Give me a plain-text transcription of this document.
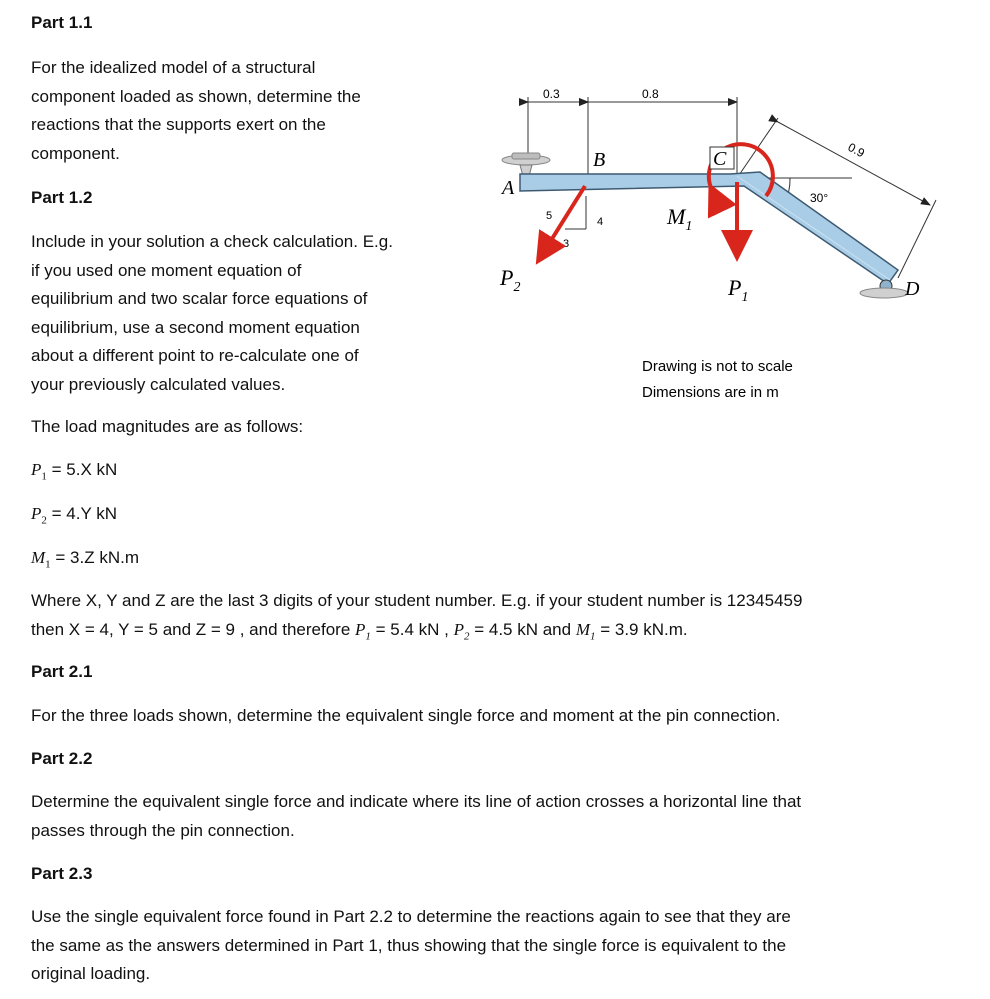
Part 1.1
For the idealized model of a structural
component loaded as shown, determine the
reactions that the supports exert on the
component.
Part 1.2
Include in your solution a check calculation. E.g.
if you used one moment equation of
equilibrium and two scalar force equations of
equilibrium, use a second moment equation
about a different point to re-calculate one of
your previously calculated values.
The load magnitudes are as follows:
$P_1 = 5.X$ kN
$P_2 = 4.Y$ kN
$M_1 = 3.Z$ kN.m
Where X, Y and Z are the last 3 digits of your student number. E.g. if your student number is 12345459
then X = 4, Y = 5 and Z = 9 , and therefore $P_1 = 5.4$ kN , $P_2 = 4.5$ kN and $M_1 = 3.9$ kN.m.
Part 2.1
For the three loads shown, determine the equivalent single force and moment at the pin connection.
Part 2.2
Determine the equivalent single force and indicate where its line of action crosses a horizontal line that
passes through the pin connection.
Part 2.3
Use the single equivalent force found in Part 2.2 to determine the reactions again to see that they are
the same as the answers determined in Part 1, thus showing that the single force is equivalent to the
original loading.
0.3	0.8
0.9
30°
5	4
3
A
B	C
D
$P_2$	$P_1$
$M_1$
Drawing is not to scale
Dimensions are in m
